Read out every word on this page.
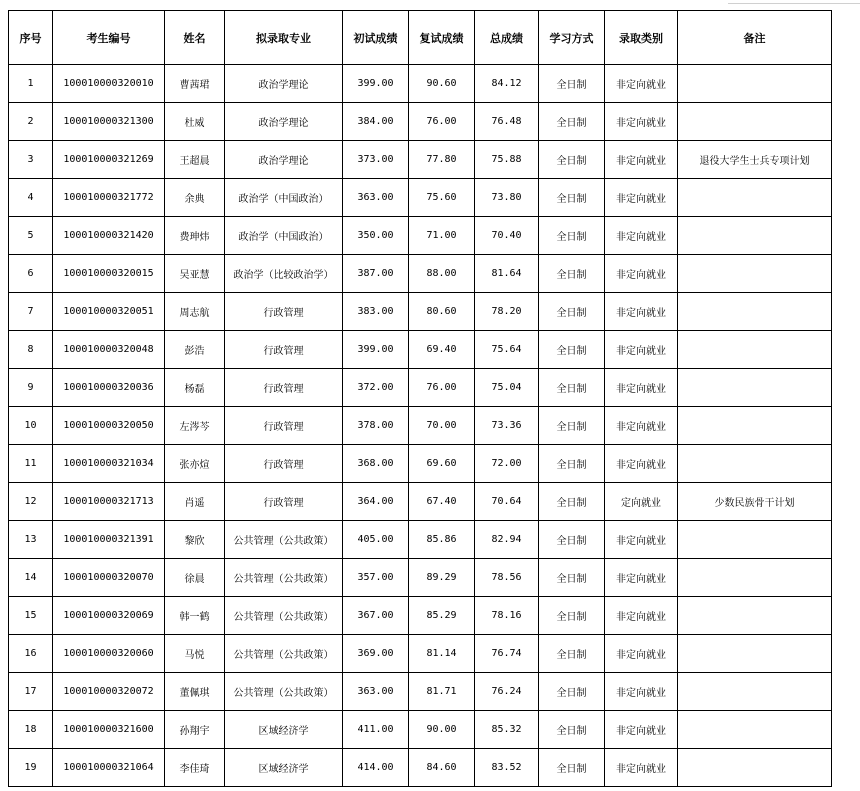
序号	考生编号	姓名	拟录取专业	初试成绩	复试成绩	总成绩	学习方式	录取类别	备注
1	100010000320010	曹茜珺	政治学理论	399.00	90.60	84.12	全日制	非定向就业	
2	100010000321300	杜威	政治学理论	384.00	76.00	76.48	全日制	非定向就业	
3	100010000321269	王超晨	政治学理论	373.00	77.80	75.88	全日制	非定向就业	退役大学生士兵专项计划
4	100010000321772	余典	政治学（中国政治）	363.00	75.60	73.80	全日制	非定向就业	
5	100010000321420	费珅炜	政治学（中国政治）	350.00	71.00	70.40	全日制	非定向就业	
6	100010000320015	吴亚慧	政治学（比较政治学）	387.00	88.00	81.64	全日制	非定向就业	
7	100010000320051	周志航	行政管理	383.00	80.60	78.20	全日制	非定向就业	
8	100010000320048	彭浩	行政管理	399.00	69.40	75.64	全日制	非定向就业	
9	100010000320036	杨磊	行政管理	372.00	76.00	75.04	全日制	非定向就业	
10	100010000320050	左涔芩	行政管理	378.00	70.00	73.36	全日制	非定向就业	
11	100010000321034	张亦煊	行政管理	368.00	69.60	72.00	全日制	非定向就业	
12	100010000321713	肖遥	行政管理	364.00	67.40	70.64	全日制	定向就业	少数民族骨干计划
13	100010000321391	黎欣	公共管理（公共政策）	405.00	85.86	82.94	全日制	非定向就业	
14	100010000320070	徐晨	公共管理（公共政策）	357.00	89.29	78.56	全日制	非定向就业	
15	100010000320069	韩一鹤	公共管理（公共政策）	367.00	85.29	78.16	全日制	非定向就业	
16	100010000320060	马悦	公共管理（公共政策）	369.00	81.14	76.74	全日制	非定向就业	
17	100010000320072	董佩琪	公共管理（公共政策）	363.00	81.71	76.24	全日制	非定向就业	
18	100010000321600	孙翔宇	区域经济学	411.00	90.00	85.32	全日制	非定向就业	
19	100010000321064	李佳琦	区域经济学	414.00	84.60	83.52	全日制	非定向就业	
